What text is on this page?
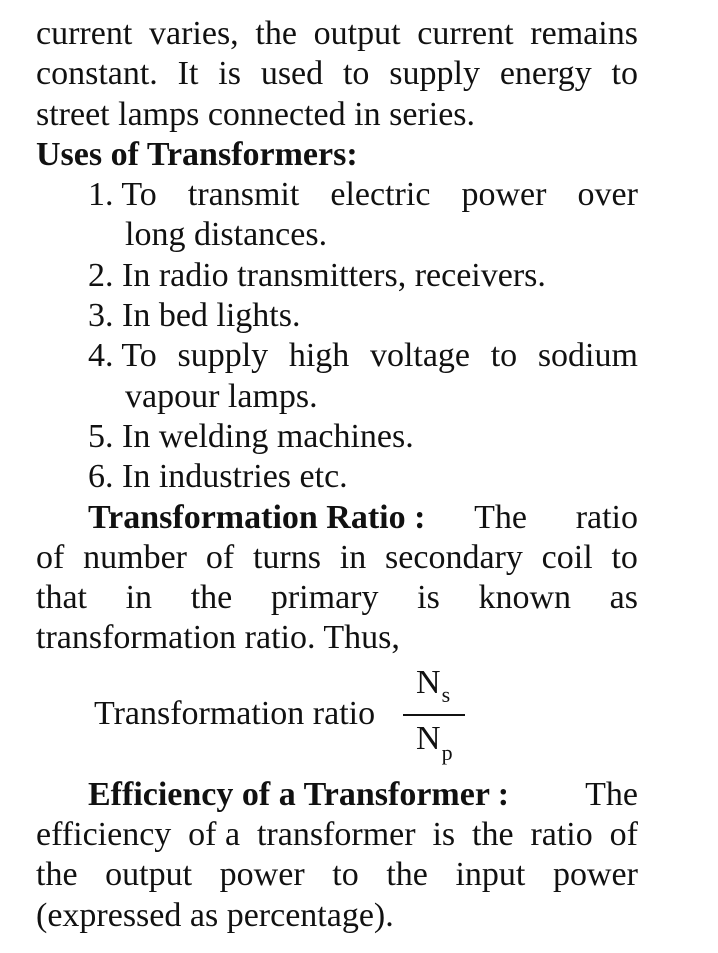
current varies, the output current remains
constant. It is used to supply energy to
street lamps connected in series.
Uses of Transformers:
1. To transmit electric power over
long distances.
2. In radio transmitters, receivers.
3. In bed lights.
4. To supply high voltage to sodium
vapour lamps.
5. In welding machines.
6. In industries etc.
Transformation Ratio : The ratio
of number of turns in secondary coil to
that in the primary is known as
transformation ratio. Thus,
Transformation ratio
$N_s$
$N_p$
Efficiency of a Transformer : The
efficiency of a transformer is the ratio of
the output power to the input power
(expressed as percentage).
